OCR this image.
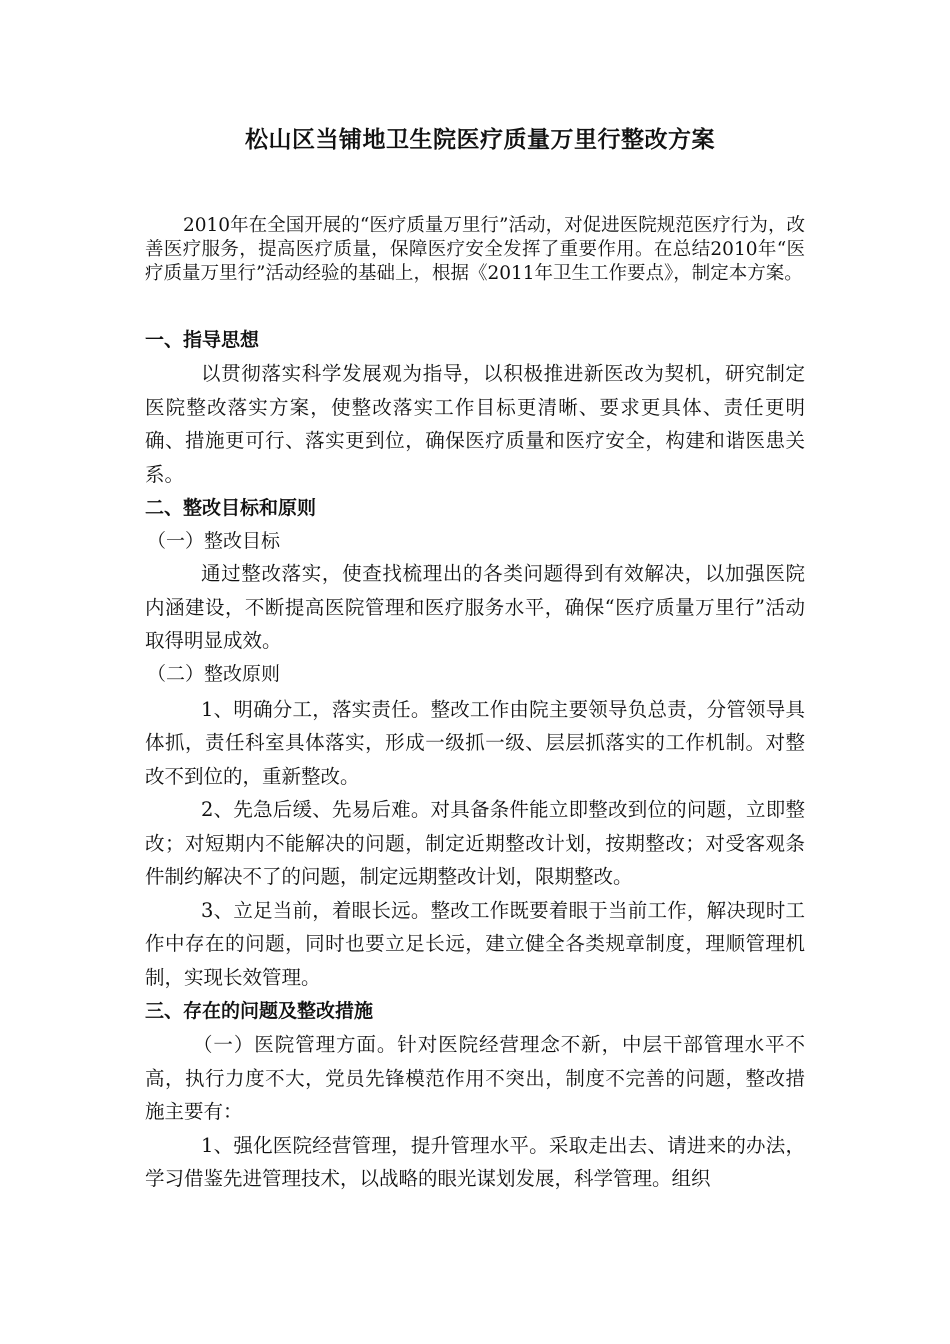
松山区当铺地卫生院医疗质量万里行整改方案

2010年在全国开展的“医疗质量万里行”活动，对促进医院规范医疗行为，改善医疗服务，提高医疗质量，保障医疗安全发挥了重要作用。在总结2010年“医疗质量万里行”活动经验的基础上，根据《2011年卫生工作要点》，制定本方案。

一、指导思想

以贯彻落实科学发展观为指导，以积极推进新医改为契机，研究制定医院整改落实方案，使整改落实工作目标更清晰、要求更具体、责任更明确、措施更可行、落实更到位，确保医疗质量和医疗安全，构建和谐医患关系。

二、整改目标和原则

（一）整改目标

通过整改落实，使查找梳理出的各类问题得到有效解决，以加强医院内涵建设，不断提高医院管理和医疗服务水平，确保“医疗质量万里行”活动取得明显成效。

（二）整改原则

1、明确分工，落实责任。整改工作由院主要领导负总责，分管领导具体抓，责任科室具体落实，形成一级抓一级、层层抓落实的工作机制。对整改不到位的，重新整改。

2、先急后缓、先易后难。对具备条件能立即整改到位的问题，立即整改；对短期内不能解决的问题，制定近期整改计划，按期整改；对受客观条件制约解决不了的问题，制定远期整改计划，限期整改。

3、立足当前，着眼长远。整改工作既要着眼于当前工作，解决现时工作中存在的问题，同时也要立足长远，建立健全各类规章制度，理顺管理机制，实现长效管理。

三、存在的问题及整改措施

（一）医院管理方面。针对医院经营理念不新，中层干部管理水平不高，执行力度不大，党员先锋模范作用不突出，制度不完善的问题，整改措施主要有：

1、强化医院经营管理，提升管理水平。采取走出去、请进来的办法，学习借鉴先进管理技术，以战略的眼光谋划发展，科学管理。组织
